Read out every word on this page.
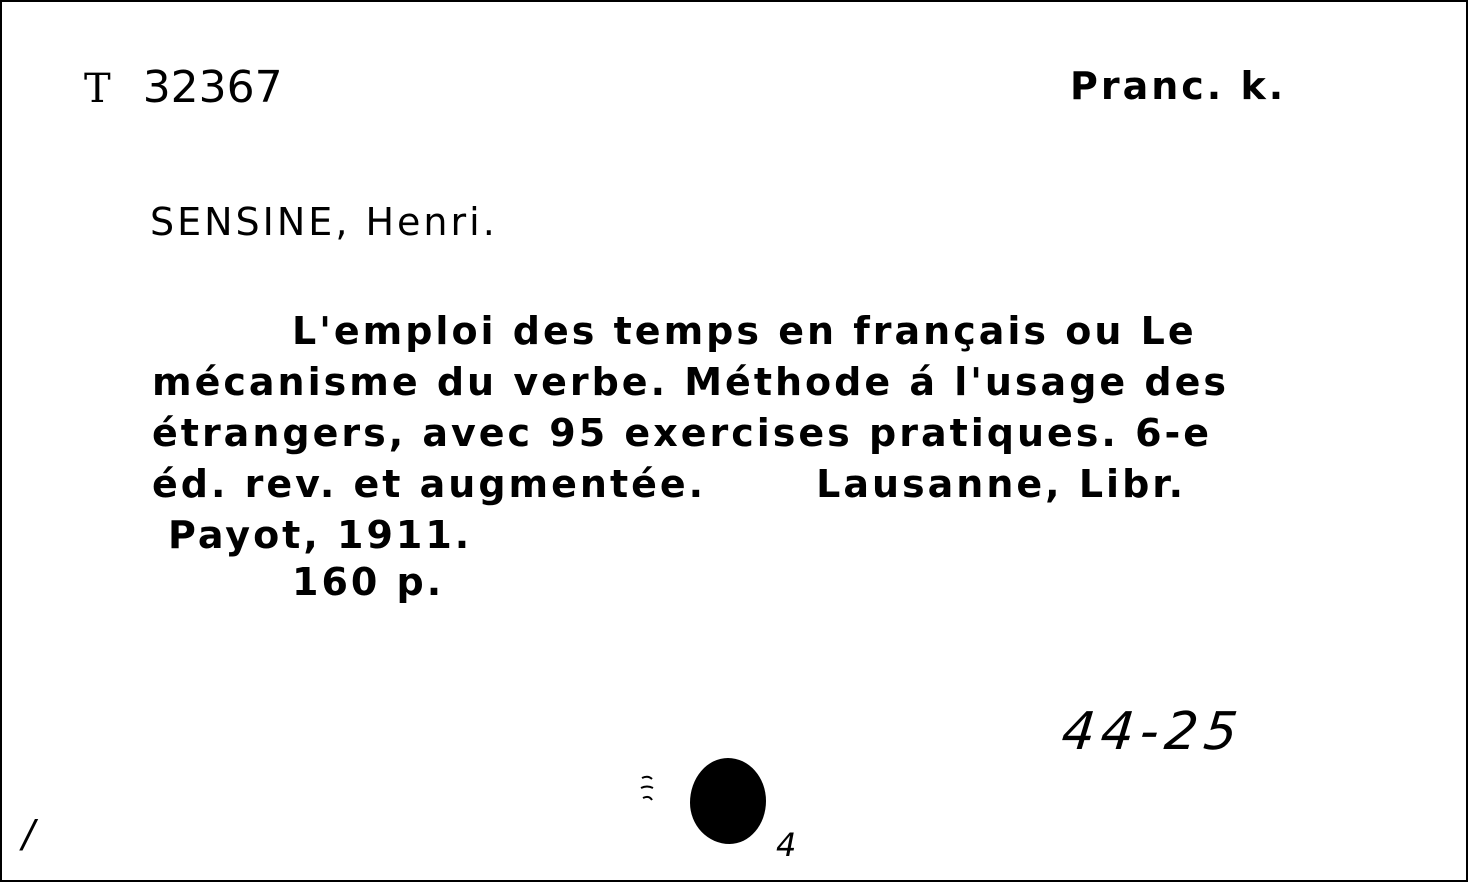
T 32367	Pranc. k.
SENSINE, Henri.
L'emploi des temps en français ou Le
mécanisme du verbe. Méthode á l'usage des
étrangers, avec 95 exercises pratiques. 6-e
éd. rev. et augmentée.	Lausanne, Libr.
Payot, 1911.
160 p.
44-25
4
/
